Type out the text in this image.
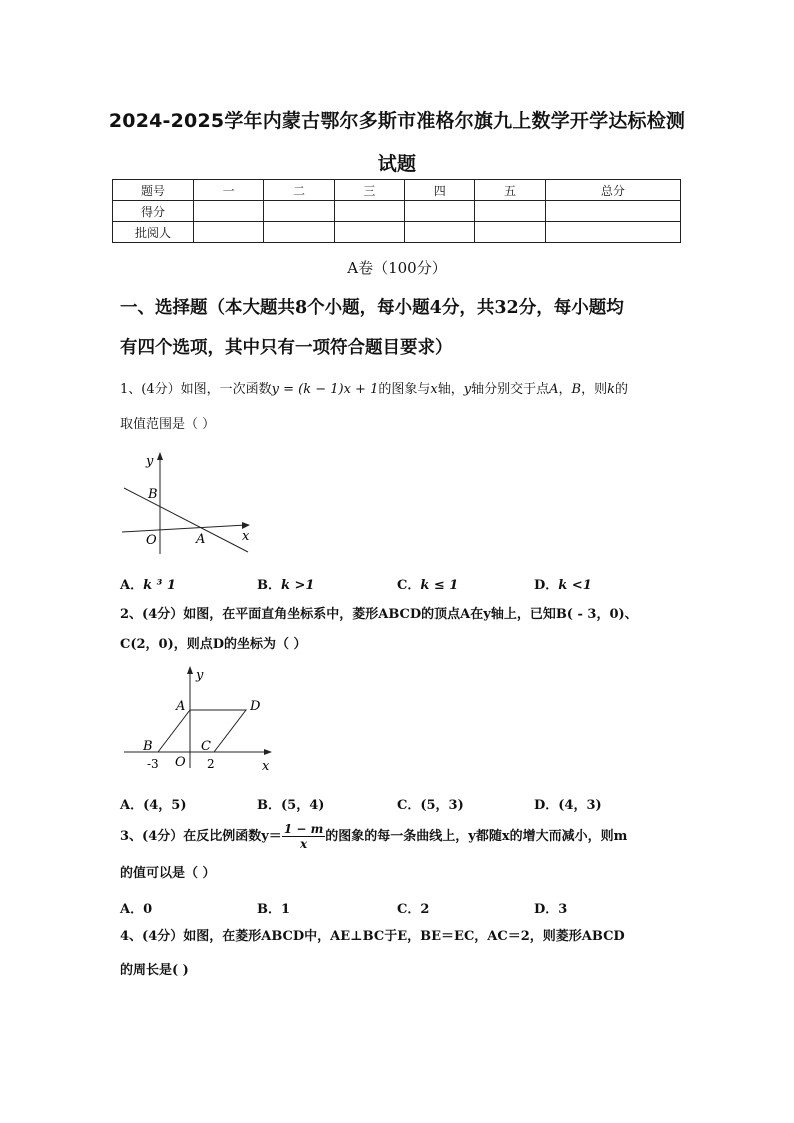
2024-2025学年内蒙古鄂尔多斯市准格尔旗九上数学开学达标检测
试题
题号	一	二	三	四	五	总分
得分						
批阅人						
A卷（100分）
一、选择题（本大题共8个小题，每小题4分，共32分，每小题均
有四个选项，其中只有一项符合题目要求）
1、(4分）如图，一次函数y = (k − 1)x + 1的图象与x轴，y轴分别交于点A，B，则k的
取值范围是（ ）
y
x
B
O	A
A．k ³ 1	B．k >1	C．k ≤ 1	D．k <1
2、(4分）如图，在平面直角坐标系中，菱形ABCD的顶点A在y轴上，已知B( - 3，0)、
C(2，0)，则点D的坐标为（ ）
y
x
A	D
B	C
-3 O 2
A．(4，5)	B．(5，4)	C．(5，3)	D．(4，3)
3、(4分）在反比例函数$y= \frac{1 - m}{x}$ 的图象的每一条曲线上，y都随x的增大而减小，则m
的值可以是（ ）
A．0	B．1	C．2	D．3
4、(4分）如图，在菱形ABCD中，AE⊥BC于E，BE＝EC，AC＝2，则菱形ABCD
的周长是( )
